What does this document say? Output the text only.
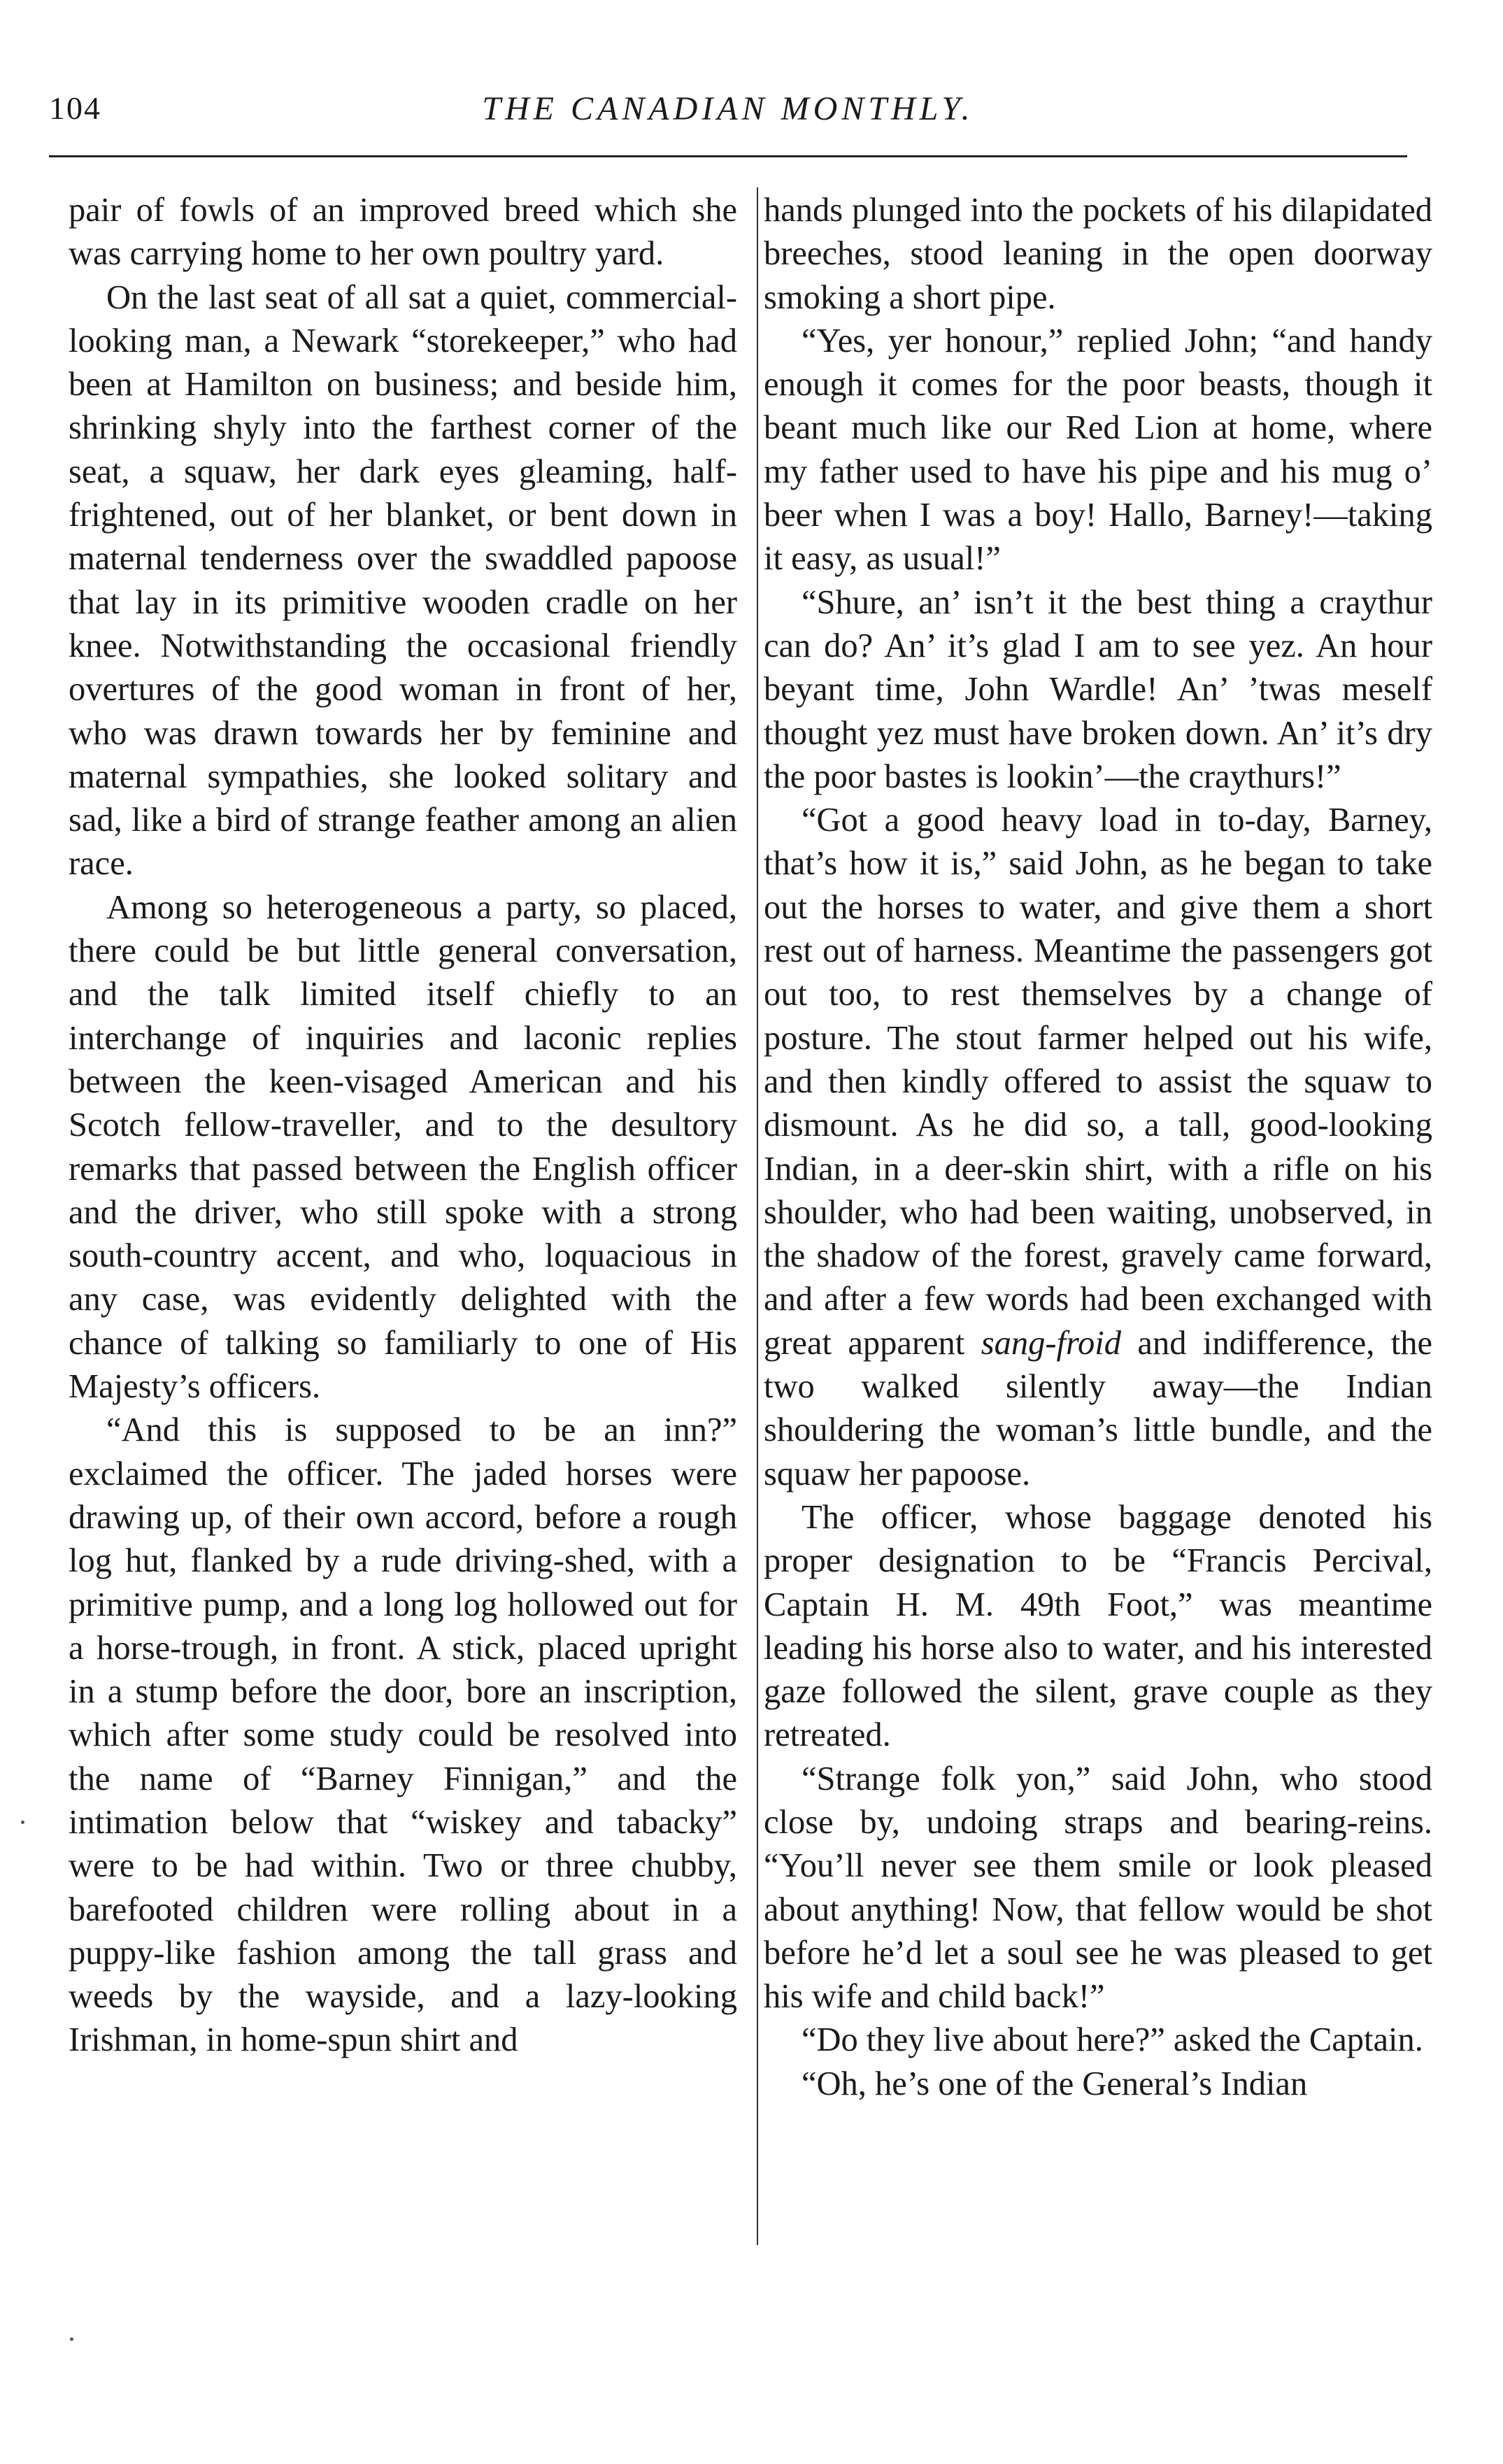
104	THE CANADIAN MONTHLY.

pair of fowls of an improved breed which she was carrying home to her own poultry yard.

On the last seat of all sat a quiet, commercial-looking man, a Newark “storekeeper,” who had been at Hamilton on business; and beside him, shrinking shyly into the farthest corner of the seat, a squaw, her dark eyes gleaming, half-frightened, out of her blanket, or bent down in maternal tenderness over the swaddled papoose that lay in its primitive wooden cradle on her knee. Notwithstanding the occasional friendly overtures of the good woman in front of her, who was drawn towards her by feminine and maternal sympathies, she looked solitary and sad, like a bird of strange feather among an alien race.

Among so heterogeneous a party, so placed, there could be but little general conversation, and the talk limited itself chiefly to an interchange of inquiries and laconic replies between the keen-visaged American and his Scotch fellow-traveller, and to the desultory remarks that passed between the English officer and the driver, who still spoke with a strong south-country accent, and who, loquacious in any case, was evidently delighted with the chance of talking so familiarly to one of His Majesty’s officers.

“And this is supposed to be an inn?” exclaimed the officer. The jaded horses were drawing up, of their own accord, before a rough log hut, flanked by a rude driving-shed, with a primitive pump, and a long log hollowed out for a horse-trough, in front. A stick, placed upright in a stump before the door, bore an inscription, which after some study could be resolved into the name of “Barney Finnigan,” and the intimation below that “wiskey and tabacky” were to be had within. Two or three chubby, barefooted children were rolling about in a puppy-like fashion among the tall grass and weeds by the wayside, and a lazy-looking Irishman, in home-spun shirt and

hands plunged into the pockets of his dilapidated breeches, stood leaning in the open doorway smoking a short pipe.

“Yes, yer honour,” replied John; “and handy enough it comes for the poor beasts, though it beant much like our Red Lion at home, where my father used to have his pipe and his mug o’ beer when I was a boy! Hallo, Barney!—taking it easy, as usual!”

“Shure, an’ isn’t it the best thing a craythur can do? An’ it’s glad I am to see yez. An hour beyant time, John Wardle! An’ ’twas meself thought yez must have broken down. An’ it’s dry the poor bastes is lookin’—the craythurs!”

“Got a good heavy load in to-day, Barney, that’s how it is,” said John, as he began to take out the horses to water, and give them a short rest out of harness. Meantime the passengers got out too, to rest themselves by a change of posture. The stout farmer helped out his wife, and then kindly offered to assist the squaw to dismount. As he did so, a tall, good-looking Indian, in a deer-skin shirt, with a rifle on his shoulder, who had been waiting, unobserved, in the shadow of the forest, gravely came forward, and after a few words had been exchanged with great apparent sang-froid and indifference, the two walked silently away—the Indian shouldering the woman’s little bundle, and the squaw her papoose.

The officer, whose baggage denoted his proper designation to be “Francis Percival, Captain H. M. 49th Foot,” was meantime leading his horse also to water, and his interested gaze followed the silent, grave couple as they retreated.

“Strange folk yon,” said John, who stood close by, undoing straps and bearing-reins. “You’ll never see them smile or look pleased about anything! Now, that fellow would be shot before he’d let a soul see he was pleased to get his wife and child back!”

“Do they live about here?” asked the Captain.

“Oh, he’s one of the General’s Indian
